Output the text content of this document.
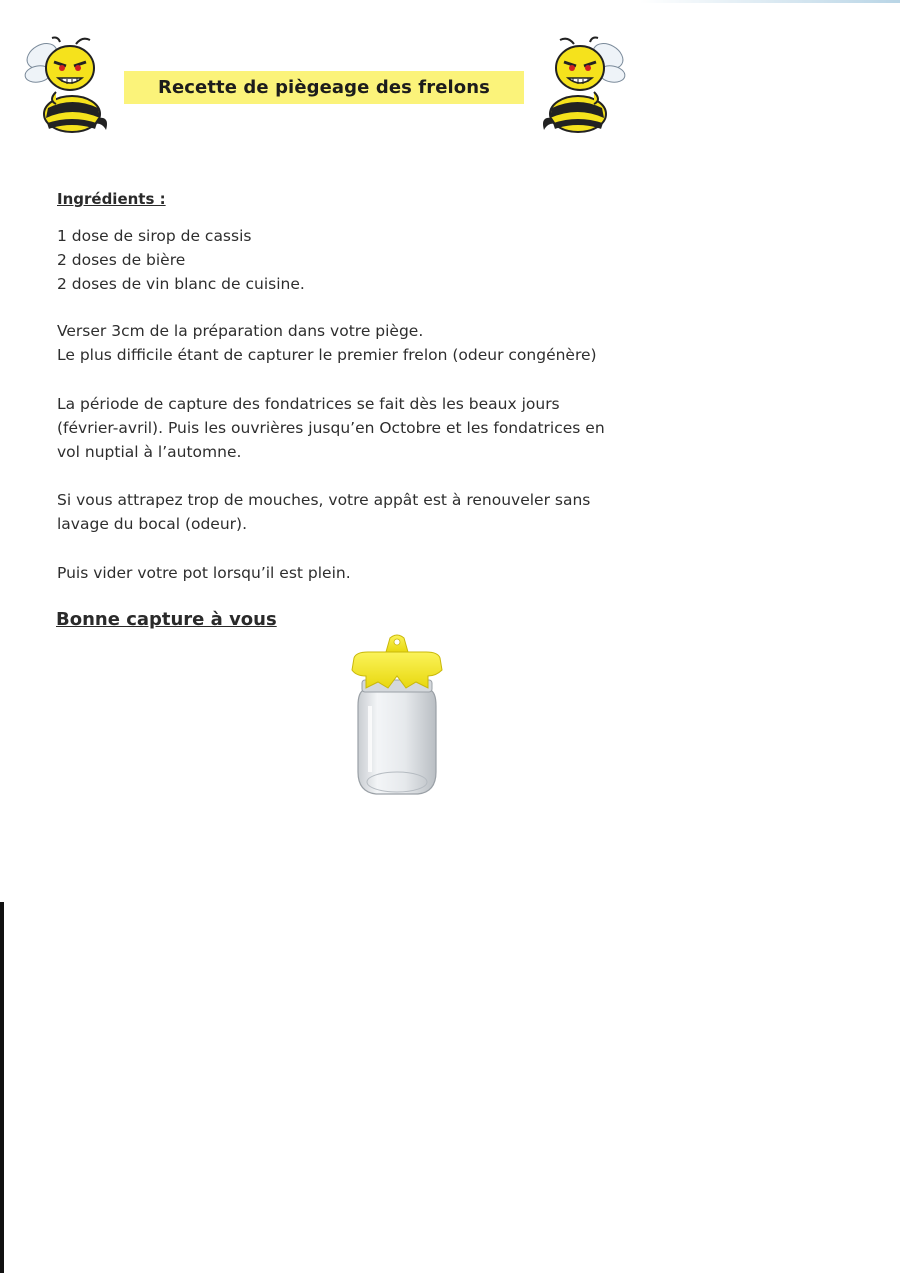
Recette de piègeage des frelons
Ingrédients :

1 dose de sirop de cassis

2 doses de bière

2 doses de vin blanc de cuisine.

Verser 3cm de la préparation dans votre piège.

Le plus difficile étant de capturer le premier frelon (odeur congénère)

La période de capture des fondatrices se fait dès les beaux jours

(février-avril). Puis les ouvrières jusqu’en Octobre et les fondatrices en

vol nuptial à l’automne.

Si vous attrapez trop de mouches, votre appât est à renouveler sans

lavage du bocal (odeur).

Puis vider votre pot lorsqu’il est plein.

Bonne capture à vous
